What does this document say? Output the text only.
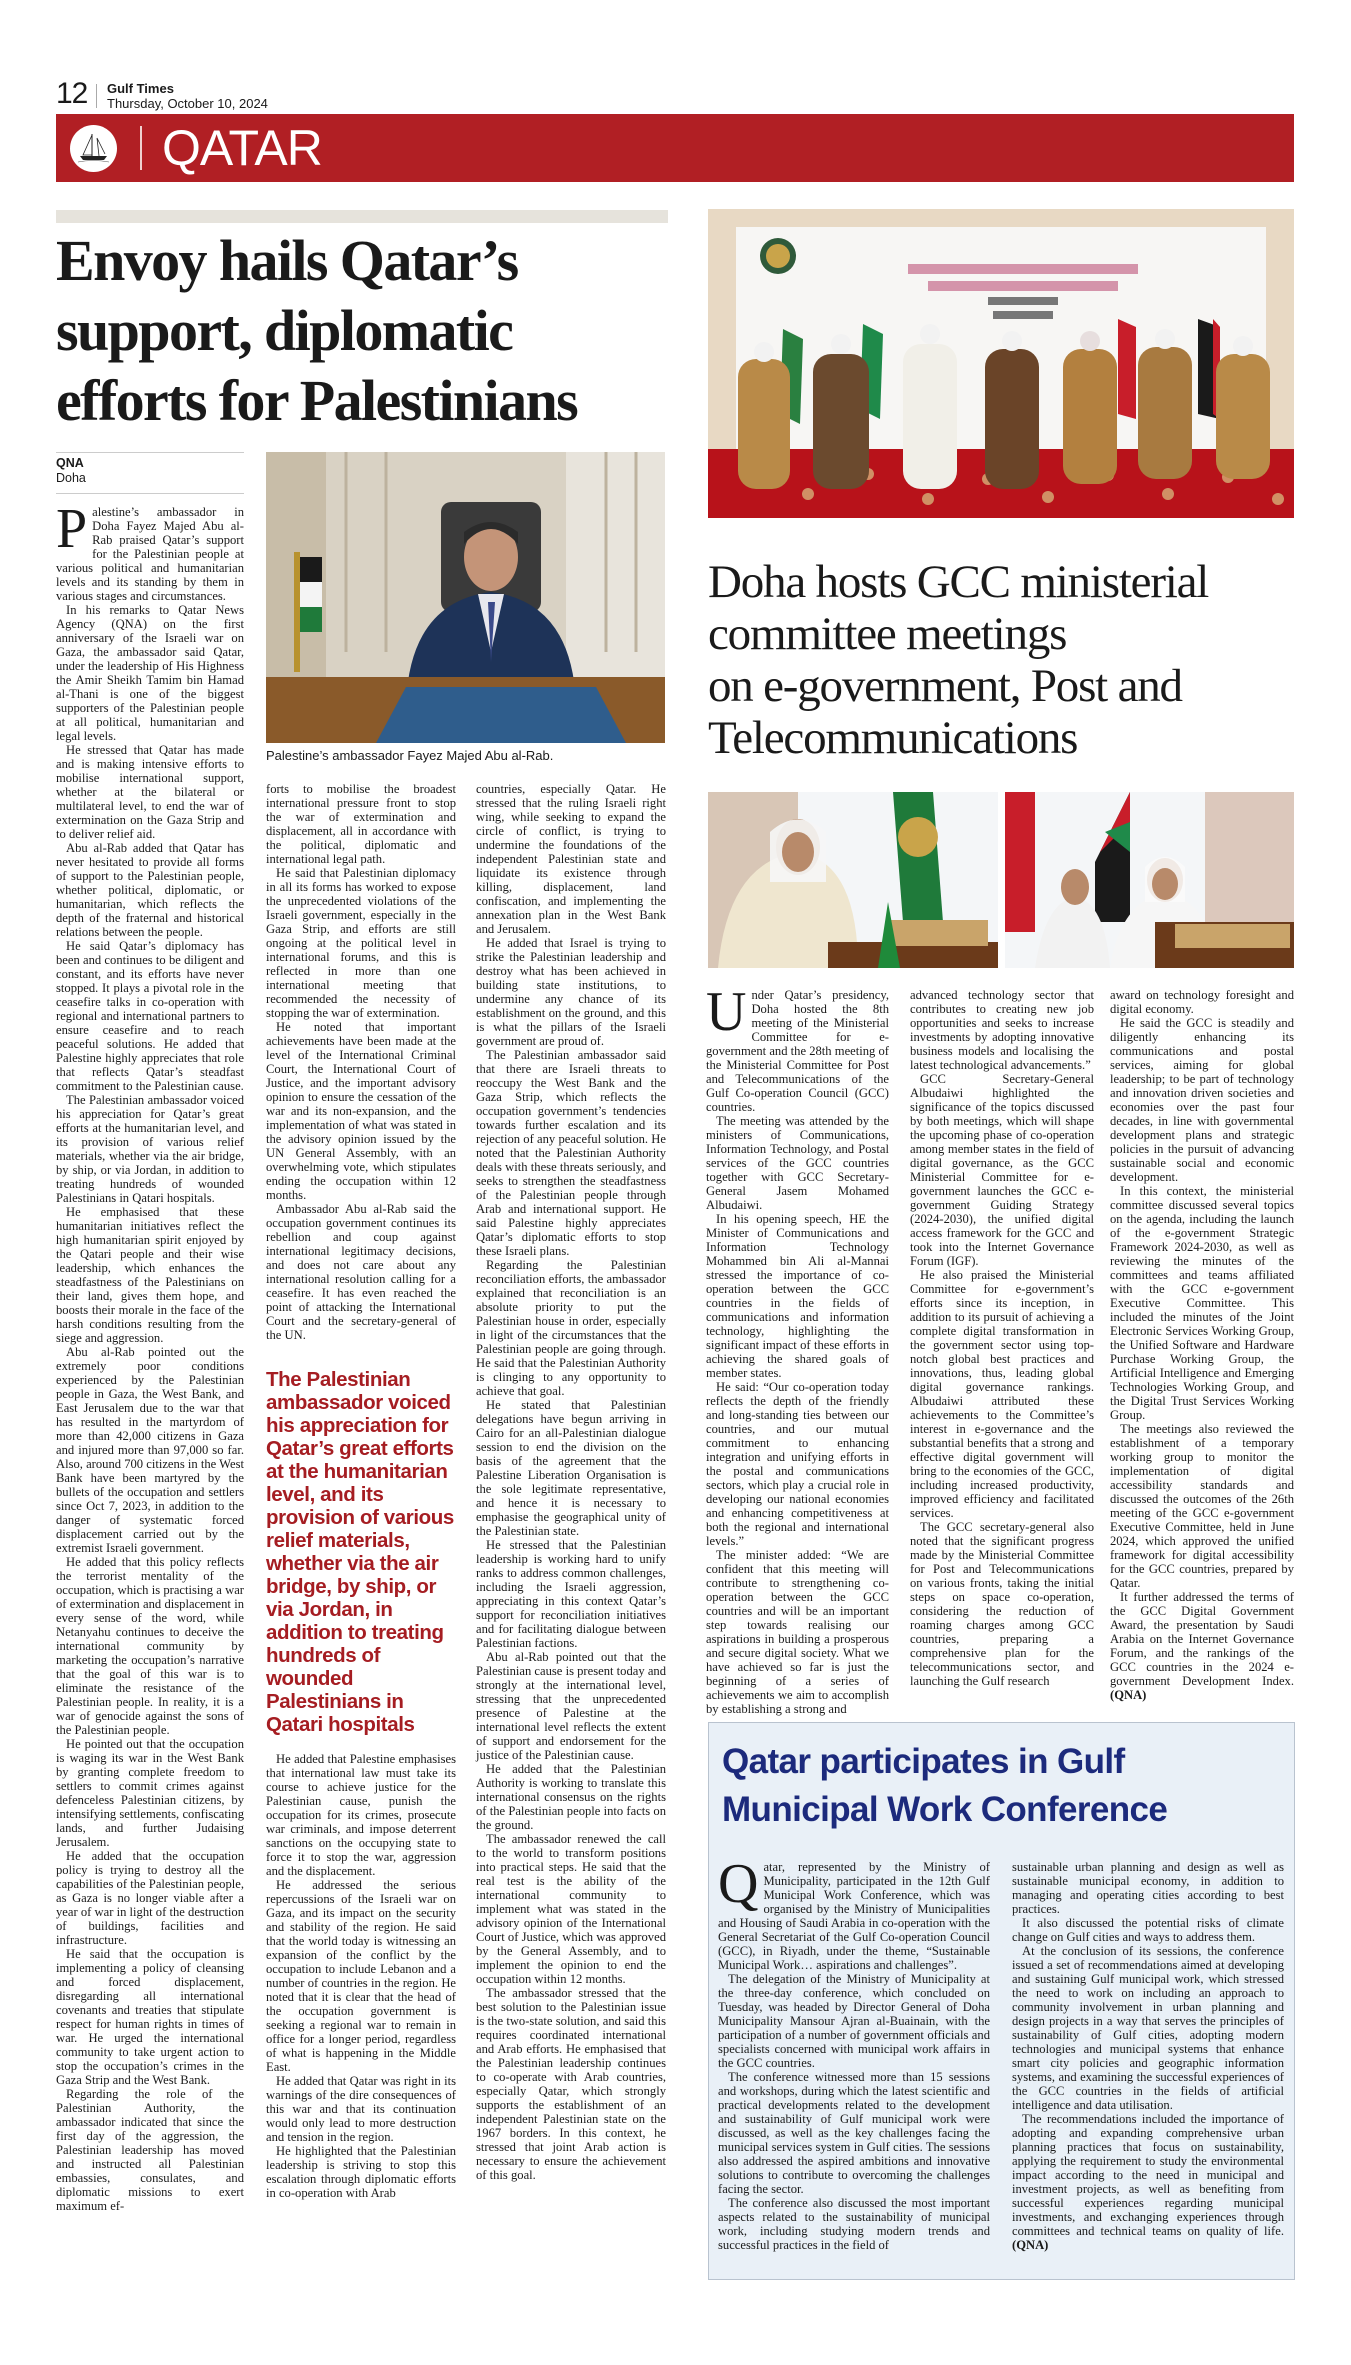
12 Gulf Times
Thursday, October 10, 2024
QATAR
Envoy hails Qatar’s
support, diplomatic
efforts for Palestinians
QNA
Doha

Palestine’s ambassador in Doha Fayez Majed Abu al-Rab praised Qatar’s support for the Palestinian people at various political and humanitarian levels and its standing by them in various stages and circumstances.

In his remarks to Qatar News Agency (QNA) on the first anniversary of the Israeli war on Gaza, the ambassador said Qatar, under the leadership of His Highness the Amir Sheikh Tamim bin Hamad al-Thani is one of the biggest supporters of the Palestinian people at all political, humanitarian and legal levels.

He stressed that Qatar has made and is making intensive efforts to mobilise international support, whether at the bilateral or multilateral level, to end the war of extermination on the Gaza Strip and to deliver relief aid.

Abu al-Rab added that Qatar has never hesitated to provide all forms of support to the Palestinian people, whether political, diplomatic, or humanitarian, which reflects the depth of the fraternal and historical relations between the people.

He said Qatar’s diplomacy has been and continues to be diligent and constant, and its efforts have never stopped. It plays a pivotal role in the ceasefire talks in co-operation with regional and international partners to ensure ceasefire and to reach peaceful solutions. He added that Palestine highly appreciates that role that reflects Qatar’s steadfast commitment to the Palestinian cause.

The Palestinian ambassador voiced his appreciation for Qatar’s great efforts at the humanitarian level, and its provision of various relief materials, whether via the air bridge, by ship, or via Jordan, in addition to treating hundreds of wounded Palestinians in Qatari hospitals.

He emphasised that these humanitarian initiatives reflect the high humanitarian spirit enjoyed by the Qatari people and their wise leadership, which enhances the steadfastness of the Palestinians on their land, gives them hope, and boosts their morale in the face of the harsh conditions resulting from the siege and aggression.

Abu al-Rab pointed out the extremely poor conditions experienced by the Palestinian people in Gaza, the West Bank, and East Jerusalem due to the war that has resulted in the martyrdom of more than 42,000 citizens in Gaza and injured more than 97,000 so far. Also, around 700 citizens in the West Bank have been martyred by the bullets of the occupation and settlers since Oct 7, 2023, in addition to the danger of systematic forced displacement carried out by the extremist Israeli government.

He added that this policy reflects the terrorist mentality of the occupation, which is practising a war of extermination and displacement in every sense of the word, while Netanyahu continues to deceive the international community by marketing the occupation’s narrative that the goal of this war is to eliminate the resistance of the Palestinian people. In reality, it is a war of genocide against the sons of the Palestinian people.

He pointed out that the occupation is waging its war in the West Bank by granting complete freedom to settlers to commit crimes against defenceless Palestinian citizens, by intensifying settlements, confiscating lands, and further Judaising Jerusalem.

He added that the occupation policy is trying to destroy all the capabilities of the Palestinian people, as Gaza is no longer viable after a year of war in light of the destruction of buildings, facilities and infrastructure.

He said that the occupation is implementing a policy of cleansing and forced displacement, disregarding all international covenants and treaties that stipulate respect for human rights in times of war. He urged the international community to take urgent action to stop the occupation’s crimes in the Gaza Strip and the West Bank.

Regarding the role of the Palestinian Authority, the ambassador indicated that since the first day of the aggression, the Palestinian leadership has moved and instructed all Palestinian embassies, consulates, and diplomatic missions to exert maximum ef-

Palestine’s ambassador Fayez Majed Abu al-Rab.

forts to mobilise the broadest international pressure front to stop the war of extermination and displacement, all in accordance with the political, diplomatic and international legal path.

He said that Palestinian diplomacy in all its forms has worked to expose the unprecedented violations of the Israeli government, especially in the Gaza Strip, and efforts are still ongoing at the political level in international forums, and this is reflected in more than one international meeting that recommended the necessity of stopping the war of extermination.

He noted that important achievements have been made at the level of the International Criminal Court, the International Court of Justice, and the important advisory opinion to ensure the cessation of the war and its non-expansion, and the implementation of what was stated in the advisory opinion issued by the UN General Assembly, with an overwhelming vote, which stipulates ending the occupation within 12 months.

Ambassador Abu al-Rab said the occupation government continues its rebellion and coup against international legitimacy decisions, and does not care about any international resolution calling for a ceasefire. It has even reached the point of attacking the International Court and the secretary-general of the UN.

The Palestinian ambassador voiced his appreciation for Qatar’s great efforts at the humanitarian level, and its provision of various relief materials, whether via the air bridge, by ship, or via Jordan, in addition to treating hundreds of wounded Palestinians in Qatari hospitals

He added that Palestine emphasises that international law must take its course to achieve justice for the Palestinian cause, punish the occupation for its crimes, prosecute war criminals, and impose deterrent sanctions on the occupying state to force it to stop the war, aggression and the displacement.

He addressed the serious repercussions of the Israeli war on Gaza, and its impact on the security and stability of the region. He said that the world today is witnessing an expansion of the conflict by the occupation to include Lebanon and a number of countries in the region. He noted that it is clear that the head of the occupation government is seeking a regional war to remain in office for a longer period, regardless of what is happening in the Middle East.

He added that Qatar was right in its warnings of the dire consequences of this war and that its continuation would only lead to more destruction and tension in the region.

He highlighted that the Palestinian leadership is striving to stop this escalation through diplomatic efforts in co-operation with Arab

countries, especially Qatar. He stressed that the ruling Israeli right wing, while seeking to expand the circle of conflict, is trying to undermine the foundations of the independent Palestinian state and liquidate its existence through killing, displacement, land confiscation, and implementing the annexation plan in the West Bank and Jerusalem.

He added that Israel is trying to strike the Palestinian leadership and destroy what has been achieved in building state institutions, to undermine any chance of its establishment on the ground, and this is what the pillars of the Israeli government are proud of.

The Palestinian ambassador said that there are Israeli threats to reoccupy the West Bank and the Gaza Strip, which reflects the occupation government’s tendencies towards further escalation and its rejection of any peaceful solution. He noted that the Palestinian Authority deals with these threats seriously, and seeks to strengthen the steadfastness of the Palestinian people through Arab and international support. He said Palestine highly appreciates Qatar’s diplomatic efforts to stop these Israeli plans.

Regarding the Palestinian reconciliation efforts, the ambassador explained that reconciliation is an absolute priority to put the Palestinian house in order, especially in light of the circumstances that the Palestinian people are going through. He said that the Palestinian Authority is clinging to any opportunity to achieve that goal.

He stated that Palestinian delegations have begun arriving in Cairo for an all-Palestinian dialogue session to end the division on the basis of the agreement that the Palestine Liberation Organisation is the sole legitimate representative, and hence it is necessary to emphasise the geographical unity of the Palestinian state.

He stressed that the Palestinian leadership is working hard to unify ranks to address common challenges, including the Israeli aggression, appreciating in this context Qatar’s support for reconciliation initiatives and for facilitating dialogue between Palestinian factions.

Abu al-Rab pointed out that the Palestinian cause is present today and strongly at the international level, stressing that the unprecedented presence of Palestine at the international level reflects the extent of support and endorsement for the justice of the Palestinian cause.

He added that the Palestinian Authority is working to translate this international consensus on the rights of the Palestinian people into facts on the ground.

The ambassador renewed the call to the world to transform positions into practical steps. He said that the real test is the ability of the international community to implement what was stated in the advisory opinion of the International Court of Justice, which was approved by the General Assembly, and to implement the opinion to end the occupation within 12 months.

The ambassador stressed that the best solution to the Palestinian issue is the two-state solution, and said this requires coordinated international and Arab efforts. He emphasised that the Palestinian leadership continues to co-operate with Arab countries, especially Qatar, which strongly supports the establishment of an independent Palestinian state on the 1967 borders. In this context, he stressed that joint Arab action is necessary to ensure the achievement of this goal.

Doha hosts GCC ministerial
committee meetings
on e-government, Post and
Telecommunications

Under Qatar’s presidency, Doha hosted the 8th meeting of the Ministerial Committee for e-government and the 28th meeting of the Ministerial Committee for Post and Telecommunications of the Gulf Co-operation Council (GCC) countries.

The meeting was attended by the ministers of Communications, Information Technology, and Postal services of the GCC countries together with GCC Secretary-General Jasem Mohamed Albudaiwi.

In his opening speech, HE the Minister of Communications and Information Technology Mohammed bin Ali al-Mannai stressed the importance of co-operation between the GCC countries in the fields of communications and information technology, highlighting the significant impact of these efforts in achieving the shared goals of member states.

He said: “Our co-operation today reflects the depth of the friendly and long-standing ties between our countries, and our mutual commitment to enhancing integration and unifying efforts in the postal and communications sectors, which play a crucial role in developing our national economies and enhancing competitiveness at both the regional and international levels.”

The minister added: “We are confident that this meeting will contribute to strengthening co-operation between the GCC countries and will be an important step towards realising our aspirations in building a prosperous and secure digital society. What we have achieved so far is just the beginning of a series of achievements we aim to accomplish by establishing a strong and

advanced technology sector that contributes to creating new job opportunities and seeks to increase investments by adopting innovative business models and localising the latest technological advancements.”

GCC Secretary-General Albudaiwi highlighted the significance of the topics discussed by both meetings, which will shape the upcoming phase of co-operation among member states in the field of digital governance, as the GCC Ministerial Committee for e-government launches the GCC e-government Guiding Strategy (2024-2030), the unified digital access framework for the GCC and took into the Internet Governance Forum (IGF).

He also praised the Ministerial Committee for e-government’s efforts since its inception, in addition to its pursuit of achieving a complete digital transformation in the government sector using top-notch global best practices and innovations, thus, leading global digital governance rankings. Albudaiwi attributed these achievements to the Committee’s interest in e-governance and the substantial benefits that a strong and effective digital government will bring to the economies of the GCC, including increased productivity, improved efficiency and facilitated services.

The GCC secretary-general also noted that the significant progress made by the Ministerial Committee for Post and Telecommunications on various fronts, taking the initial steps on space co-operation, considering the reduction of roaming charges among GCC countries, preparing a comprehensive plan for the telecommunications sector, and launching the Gulf research

award on technology foresight and digital economy.

He said the GCC is steadily and diligently enhancing its communications and postal services, aiming for global leadership; to be part of technology and innovation driven societies and economies over the past four decades, in line with governmental development plans and strategic policies in the pursuit of advancing sustainable social and economic development.

In this context, the ministerial committee discussed several topics on the agenda, including the launch of the e-government Strategic Framework 2024-2030, as well as reviewing the minutes of the committees and teams affiliated with the GCC e-government Executive Committee. This included the minutes of the Joint Electronic Services Working Group, the Unified Software and Hardware Purchase Working Group, the Artificial Intelligence and Emerging Technologies Working Group, and the Digital Trust Services Working Group.

The meetings also reviewed the establishment of a temporary working group to monitor the implementation of digital accessibility standards and discussed the outcomes of the 26th meeting of the GCC e-government Executive Committee, held in June 2024, which approved the unified framework for digital accessibility for the GCC countries, prepared by Qatar.

It further addressed the terms of the GCC Digital Government Award, the presentation by Saudi Arabia on the Internet Governance Forum, and the rankings of the GCC countries in the 2024 e-government Development Index. (QNA)

Qatar participates in Gulf
Municipal Work Conference

Qatar, represented by the Ministry of Municipality, participated in the 12th Gulf Municipal Work Conference, which was organised by the Ministry of Municipalities and Housing of Saudi Arabia in co-operation with the General Secretariat of the Gulf Co-operation Council (GCC), in Riyadh, under the theme, “Sustainable Municipal Work… aspirations and challenges”.

The delegation of the Ministry of Municipality at the three-day conference, which concluded on Tuesday, was headed by Director General of Doha Municipality Mansour Ajran al-Buainain, with the participation of a number of government officials and specialists concerned with municipal work affairs in the GCC countries.

The conference witnessed more than 15 sessions and workshops, during which the latest scientific and practical developments related to the development and sustainability of Gulf municipal work were discussed, as well as the key challenges facing the municipal services system in Gulf cities. The sessions also addressed the aspired ambitions and innovative solutions to contribute to overcoming the challenges facing the sector.

The conference also discussed the most important aspects related to the sustainability of municipal work, including studying modern trends and successful practices in the field of

sustainable urban planning and design as well as sustainable municipal economy, in addition to managing and operating cities according to best practices.

It also discussed the potential risks of climate change on Gulf cities and ways to address them.

At the conclusion of its sessions, the conference issued a set of recommendations aimed at developing and sustaining Gulf municipal work, which stressed the need to work on including an approach to community involvement in urban planning and design projects in a way that serves the principles of sustainability of Gulf cities, adopting modern technologies and municipal systems that enhance smart city policies and geographic information systems, and examining the successful experiences of the GCC countries in the fields of artificial intelligence and data utilisation.

The recommendations included the importance of adopting and expanding comprehensive urban planning practices that focus on sustainability, applying the requirement to study the environmental impact according to the need in municipal and investment projects, as well as benefiting from successful experiences regarding municipal investments, and exchanging experiences through committees and technical teams on quality of life. (QNA)
